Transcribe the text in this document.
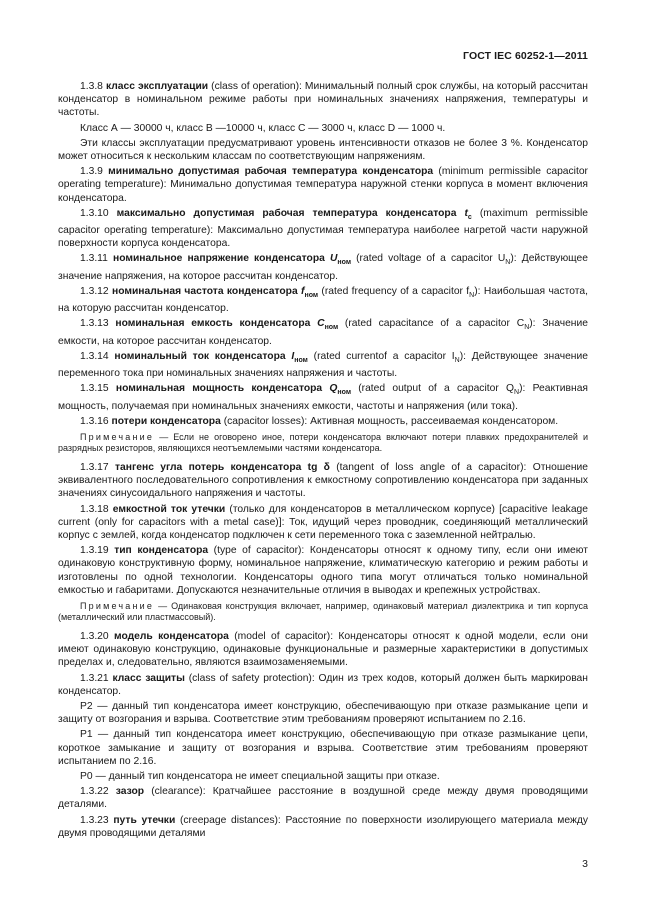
ГОСТ IEC 60252-1—2011

1.3.8 класс эксплуатации (class of operation): Минимальный полный срок службы, на который рассчитан конденсатор в номинальном режиме работы при номинальных значениях напряжения, температуры и частоты.

Класс А — 30000 ч, класс В —10000 ч, класс С — 3000 ч, класс D — 1000 ч.

Эти классы эксплуатации предусматривают уровень интенсивности отказов не более 3 %. Конденсатор может относиться к нескольким классам по соответствующим напряжениям.

1.3.9 минимально допустимая рабочая температура конденсатора (minimum permissible capacitor operating temperature): Минимально допустимая температура наружной стенки корпуса в момент включения конденсатора.

1.3.10 максимально допустимая рабочая температура конденсатора $t_c$ (maximum permissible capacitor operating temperature): Максимально допустимая температура наиболее нагретой части наружной поверхности корпуса конденсатора.

1.3.11 номинальное напряжение конденсатора $U_{ном}$ (rated voltage of a capacitor $U_N$): Действующее значение напряжения, на которое рассчитан конденсатор.

1.3.12 номинальная частота конденсатора $f_{ном}$ (rated frequency of a capacitor $f_N$): Наибольшая частота, на которую рассчитан конденсатор.

1.3.13 номинальная емкость конденсатора $C_{ном}$ (rated capacitance of a capacitor $C_N$): Значение емкости, на которое рассчитан конденсатор.

1.3.14 номинальный ток конденсатора $I_{ном}$ (rated currentof a capacitor $I_N$): Действующее значение переменного тока при номинальных значениях напряжения и частоты.

1.3.15 номинальная мощность конденсатора $Q_{ном}$ (rated output of a capacitor $Q_N$): Реактивная мощность, получаемая при номинальных значениях емкости, частоты и напряжения (или тока).

1.3.16 потери конденсатора (capacitor losses): Активная мощность, рассеиваемая конденсатором.

Примечание — Если не оговорено иное, потери конденсатора включают потери плавких предохранителей и разрядных резисторов, являющихся неотъемлемыми частями конденсатора.

1.3.17 тангенс угла потерь конденсатора tg δ (tangent of loss angle of a capacitor): Отношение эквивалентного последовательного сопротивления к емкостному сопротивлению конденсатора при заданных значениях синусоидального напряжения и частоты.

1.3.18 емкостной ток утечки (только для конденсаторов в металлическом корпусе) [capacitive leakage current (only for capacitors with a metal case)]: Ток, идущий через проводник, соединяющий металлический корпус с землей, когда конденсатор подключен к сети переменного тока с заземленной нейтралью.

1.3.19 тип конденсатора (type of capacitor): Конденсаторы относят к одному типу, если они имеют одинаковую конструктивную форму, номинальное напряжение, климатическую категорию и режим работы и изготовлены по одной технологии. Конденсаторы одного типа могут отличаться только номинальной емкостью и габаритами. Допускаются незначительные отличия в выводах и крепежных устройствах.

Примечание — Одинаковая конструкция включает, например, одинаковый материал диэлектрика и тип корпуса (металлический или пластмассовый).

1.3.20 модель конденсатора (model of capacitor): Конденсаторы относят к одной модели, если они имеют одинаковую конструкцию, одинаковые функциональные и размерные характеристики в допустимых пределах и, следовательно, являются взаимозаменяемыми.

1.3.21 класс защиты (class of safety protection): Один из трех кодов, который должен быть маркирован конденсатор.

Р2 — данный тип конденсатора имеет конструкцию, обеспечивающую при отказе размыкание цепи и защиту от возгорания и взрыва. Соответствие этим требованиям проверяют испытанием по 2.16.

Р1 — данный тип конденсатора имеет конструкцию, обеспечивающую при отказе размыкание цепи, короткое замыкание и защиту от возгорания и взрыва. Соответствие этим требованиям проверяют испытанием по 2.16.

Р0 — данный тип конденсатора не имеет специальной защиты при отказе.

1.3.22 зазор (clearance): Кратчайшее расстояние в воздушной среде между двумя проводящими деталями.

1.3.23 путь утечки (creepage distances): Расстояние по поверхности изолирующего материала между двумя проводящими деталями

3
